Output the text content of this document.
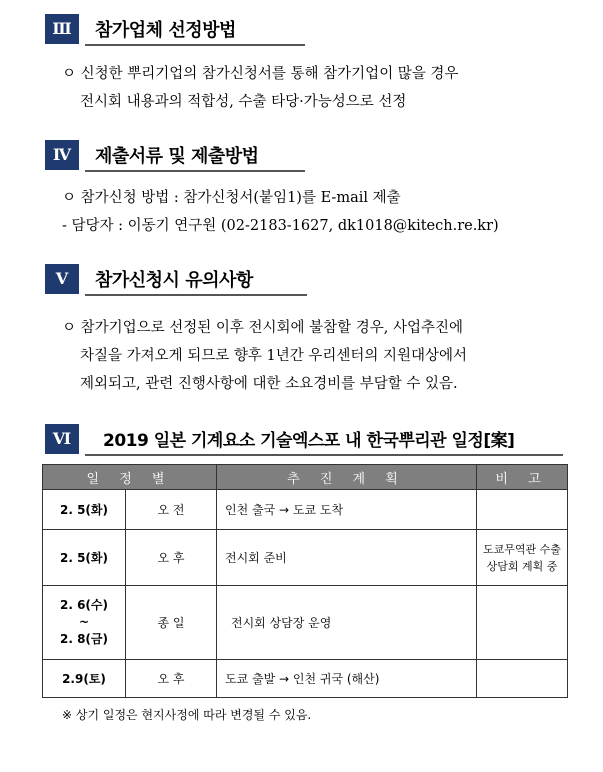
Ⅲ	참가업체 선정방법
ㅇ 신청한 뿌리기업의 참가신청서를 통해 참가기업이 많을 경우
전시회 내용과의 적합성, 수출 타당·가능성으로 선정
Ⅳ	제출서류 및 제출방법
ㅇ 참가신청 방법 : 참가신청서(붙임1)를 E-mail 제출
- 담당자 : 이동기 연구원 (02-2183-1627, dk1018@kitech.re.kr)
Ⅴ	참가신청시 유의사항
ㅇ 참가기업으로 선정된 이후 전시회에 불참할 경우, 사업추진에
차질을 가져오게 되므로 향후 1년간 우리센터의 지원대상에서
제외되고, 관련 진행사항에 대한 소요경비를 부담할 수 있음.
Ⅵ	2019 일본 기계요소 기술엑스포 내 한국뿌리관 일정[案]
일 정 별		추 진 계 획	비 고
2. 5(화)	오 전	인천 출국 → 도쿄 도착	
2. 5(화)	오 후	전시회 준비	도쿄무역관 수출상담회 계획 중

2. 6(수)
~
2. 8(금)	종 일	전시회 상담장 운영	
2.9(토)	오 후	도쿄 출발 → 인천 귀국 (해산)	
※ 상기 일정은 현지사정에 따라 변경될 수 있음.
